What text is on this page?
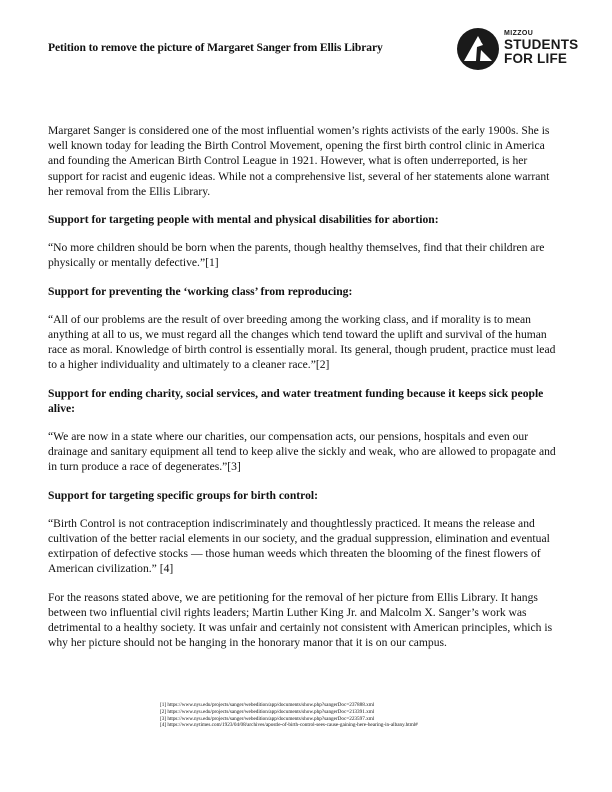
Petition to remove the picture of Margaret Sanger from Ellis Library
MIZZOU
STUDENTS
FOR LIFE

Margaret Sanger is considered one of the most influential women’s rights activists of the early 1900s. She is well known today for leading the Birth Control Movement, opening the first birth control clinic in America and founding the American Birth Control League in 1921. However, what is often underreported, is her support for racist and eugenic ideas. While not a comprehensive list, several of her statements alone warrant her removal from the Ellis Library.

Support for targeting people with mental and physical disabilities for abortion:

“No more children should be born when the parents, though healthy themselves, find that their children are physically or mentally defective.”[1]

Support for preventing the ‘working class’ from reproducing:

“All of our problems are the result of over breeding among the working class, and if morality is to mean anything at all to us, we must regard all the changes which tend toward the uplift and survival of the human race as moral. Knowledge of birth control is essentially moral. Its general, though prudent, practice must lead to a higher individuality and ultimately to a cleaner race.”[2]

Support for ending charity, social services, and water treatment funding because it keeps sick people alive:

“We are now in a state where our charities, our compensation acts, our pensions, hospitals and even our drainage and sanitary equipment all tend to keep alive the sickly and weak, who are allowed to propagate and in turn produce a race of degenerates.”[3]

Support for targeting specific groups for birth control:

“Birth Control is not contraception indiscriminately and thoughtlessly practiced. It means the release and cultivation of the better racial elements in our society, and the gradual suppression, elimination and eventual extirpation of defective stocks — those human weeds which threaten the blooming of the finest flowers of American civilization.” [4]

For the reasons stated above, we are petitioning for the removal of her picture from Ellis Library. It hangs between two influential civil rights leaders; Martin Luther King Jr. and Malcolm X. Sanger’s work was detrimental to a healthy society. It was unfair and certainly not consistent with American principles, which is why her picture should not be hanging in the honorary manor that it is on our campus.

[1] https://www.nyu.edu/projects/sanger/webedition/app/documents/show.php?sangerDoc=237888.xml
[2] https://www.nyu.edu/projects/sanger/webedition/app/documents/show.php?sangerDoc=213391.xml
[3] https://www.nyu.edu/projects/sanger/webedition/app/documents/show.php?sangerDoc=223597.xml
[4] https://www.nytimes.com/1923/04/08/archives/apostle-of-birth-control-sees-cause-gaining-here-hearing-in-albany.html#
